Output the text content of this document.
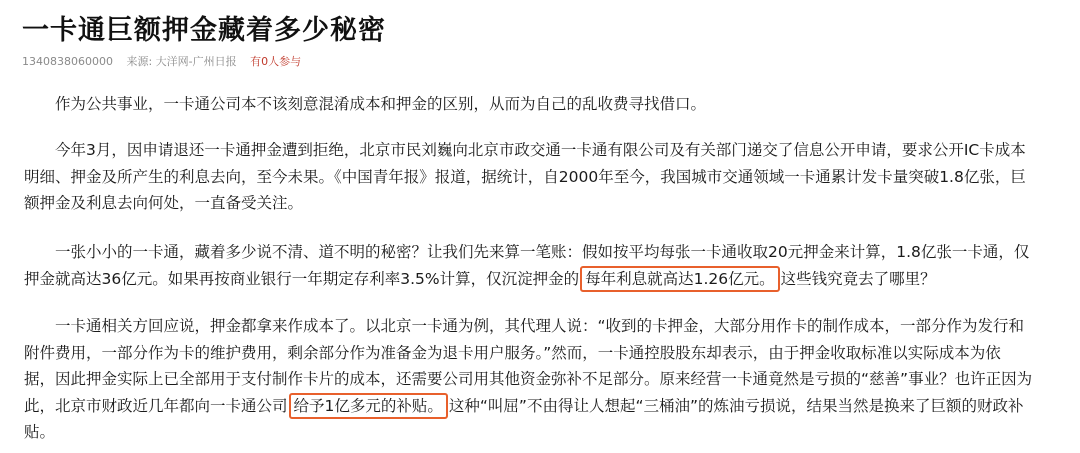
一卡通巨额押金藏着多少秘密
1340838060000 来源: 大洋网-广州日报 有0人参与
作为公共事业，一卡通公司本不该刻意混淆成本和押金的区别，从而为自己的乱收费寻找借口。
今年3月，因申请退还一卡通押金遭到拒绝，北京市民刘巍向北京市政交通一卡通有限公司及有关部门递交了信息公开申请，要求公开IC卡成本
明细、押金及所产生的利息去向，至今未果。《中国青年报》报道，据统计，自2000年至今，我国城市交通领域一卡通累计发卡量突破1.8亿张，巨
额押金及利息去向何处，一直备受关注。
一张小小的一卡通，藏着多少说不清、道不明的秘密？让我们先来算一笔账：假如按平均每张一卡通收取20元押金来计算，1.8亿张一卡通，仅
押金就高达36亿元。如果再按商业银行一年期定存利率3.5%计算，仅沉淀押金的 每年利息就高达1.26亿元。 这些钱究竟去了哪里？
一卡通相关方回应说，押金都拿来作成本了。以北京一卡通为例，其代理人说：“收到的卡押金，大部分用作卡的制作成本，一部分作为发行和
附件费用，一部分作为卡的维护费用，剩余部分作为准备金为退卡用户服务。”然而，一卡通控股股东却表示，由于押金收取标准以实际成本为依
据，因此押金实际上已全部用于支付制作卡片的成本，还需要公司用其他资金弥补不足部分。原来经营一卡通竟然是亏损的“慈善”事业？也许正因为
此，北京市财政近几年都向一卡通公司 给予1亿多元的补贴。 这种“叫屈”不由得让人想起“三桶油”的炼油亏损说，结果当然是换来了巨额的财政补
贴。
